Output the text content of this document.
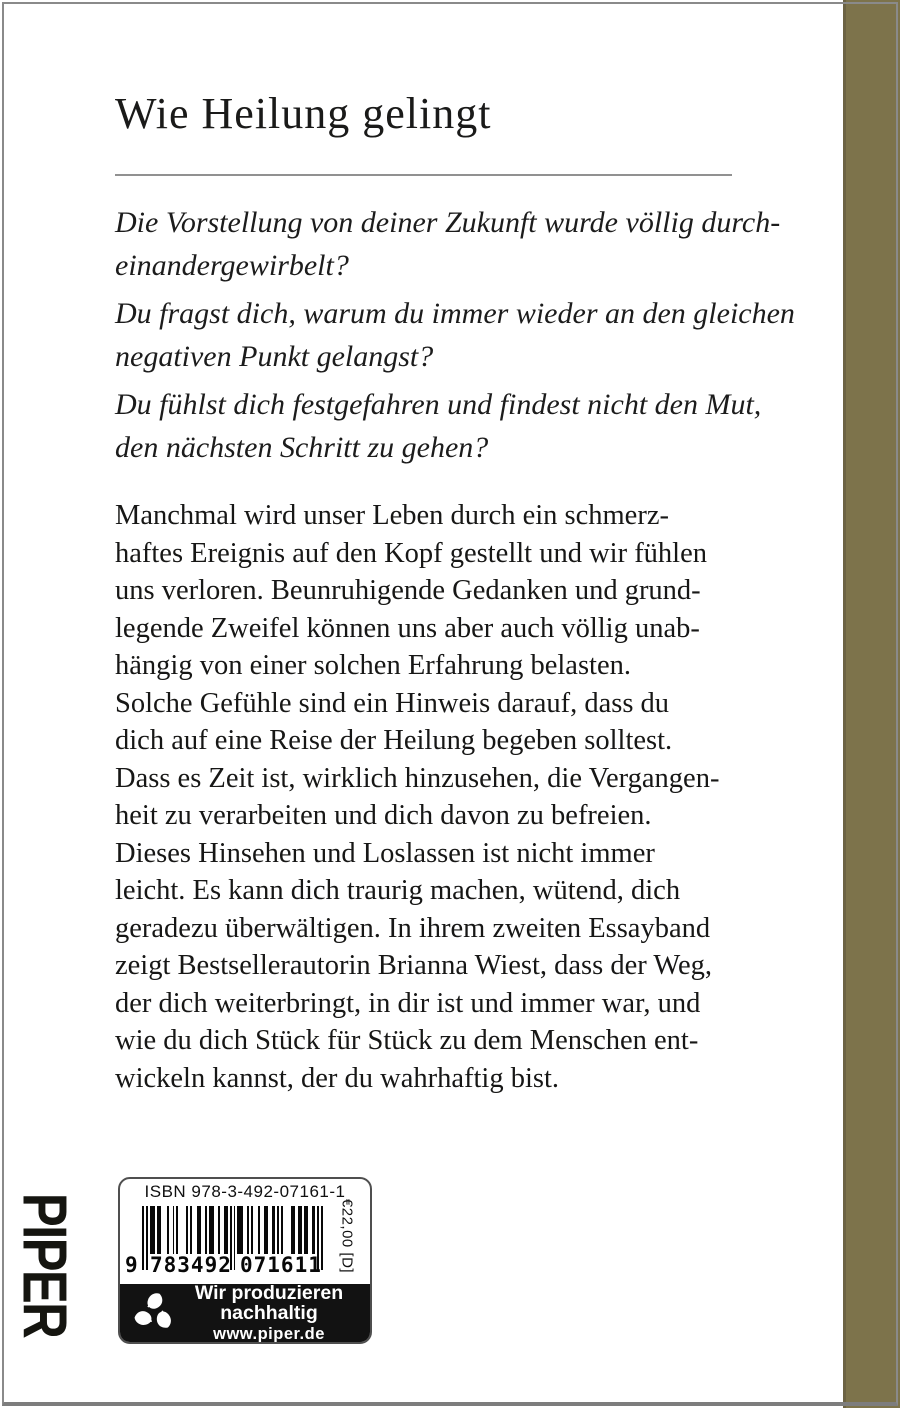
Wie Heilung gelingt

Die Vorstellung von deiner Zukunft wurde völlig durch-
einandergewirbelt?

Du fragst dich, warum du immer wieder an den gleichen
negativen Punkt gelangst?

Du fühlst dich festgefahren und findest nicht den Mut,
den nächsten Schritt zu gehen?

Manchmal wird unser Leben durch ein schmerz-
haftes Ereignis auf den Kopf gestellt und wir fühlen
uns verloren. Beunruhigende Gedanken und grund-
legende Zweifel können uns aber auch völlig unab-
hängig von einer solchen Erfahrung belasten.
Solche Gefühle sind ein Hinweis darauf, dass du
dich auf eine Reise der Heilung begeben solltest.
Dass es Zeit ist, wirklich hinzusehen, die Vergangen-
heit zu verarbeiten und dich davon zu befreien.
Dieses Hinsehen und Loslassen ist nicht immer
leicht. Es kann dich traurig machen, wütend, dich
geradezu überwältigen. In ihrem zweiten Essayband
zeigt Bestsellerautorin Brianna Wiest, dass der Weg,
der dich weiterbringt, in dir ist und immer war, und
wie du dich Stück für Stück zu dem Menschen ent-
wickeln kannst, der du wahrhaftig bist.
ISBN 978-3-492-07161-1
9 783492 071611 €22,00 [D]
Wir produzieren
nachhaltig
www.piper.de
PIPER
